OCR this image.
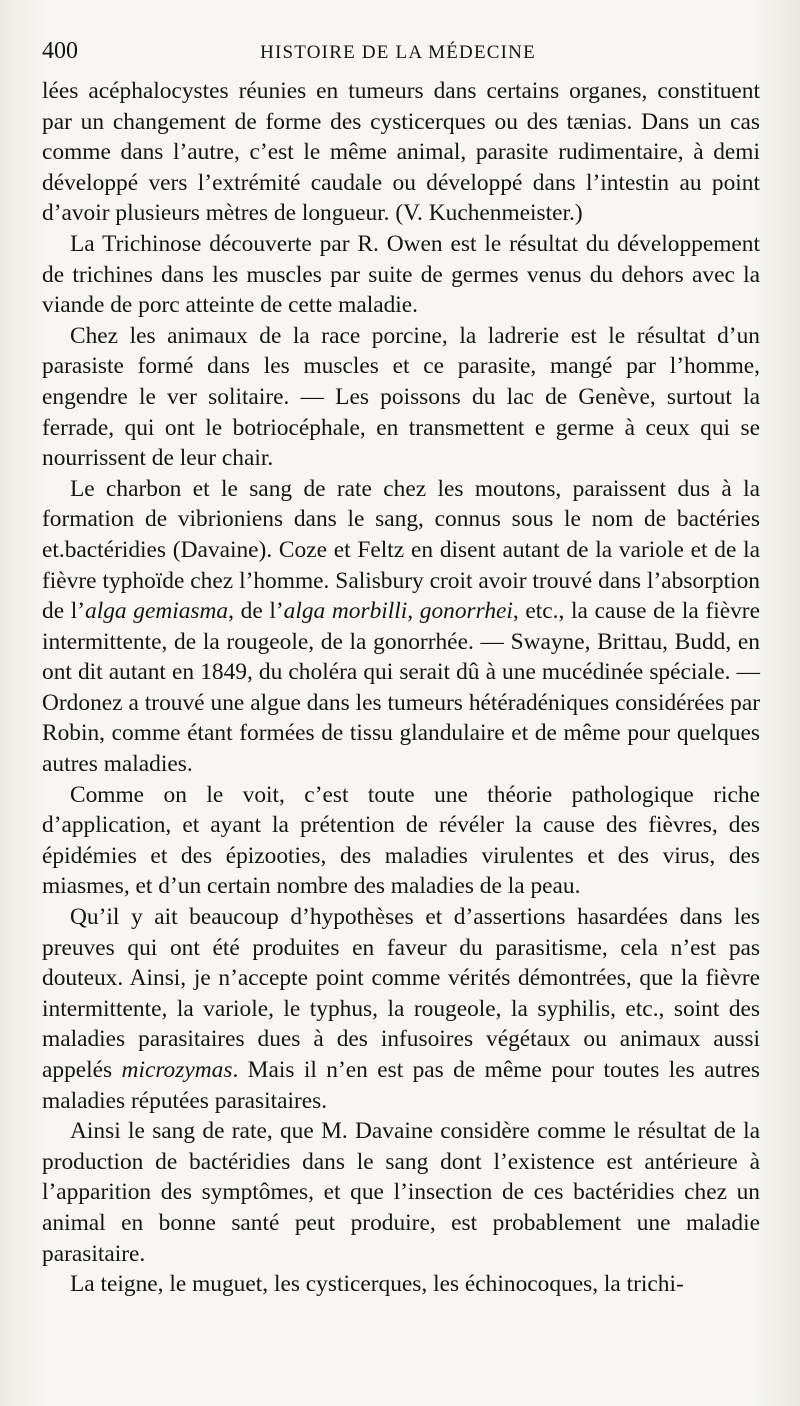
400	HISTOIRE DE LA MÉDECINE

lées acéphalocystes réunies en tumeurs dans certains organes, constituent par un changement de forme des cysticerques ou des tænias. Dans un cas comme dans l’autre, c’est le même animal, parasite rudimentaire, à demi développé vers l’extrémité caudale ou développé dans l’intestin au point d’avoir plusieurs mètres de longueur. (V. Kuchenmeister.)

La Trichinose découverte par R. Owen est le résultat du développement de trichines dans les muscles par suite de germes venus du dehors avec la viande de porc atteinte de cette maladie.

Chez les animaux de la race porcine, la ladrerie est le résultat d’un parasiste formé dans les muscles et ce parasite, mangé par l’homme, engendre le ver solitaire. — Les poissons du lac de Genève, surtout la ferrade, qui ont le botriocéphale, en transmettent e germe à ceux qui se nourrissent de leur chair.

Le charbon et le sang de rate chez les moutons, paraissent dus à la formation de vibrioniens dans le sang, connus sous le nom de bactéries et.bactéridies (Davaine). Coze et Feltz en disent autant de la variole et de la fièvre typhoïde chez l’homme. Salisbury croit avoir trouvé dans l’absorption de l’alga gemiasma, de l’alga morbilli, gonorrhei, etc., la cause de la fièvre intermittente, de la rougeole, de la gonorrhée. — Swayne, Brittau, Budd, en ont dit autant en 1849, du choléra qui serait dû à une mucédinée spéciale. — Ordonez a trouvé une algue dans les tumeurs hétéradéniques considérées par Robin, comme étant formées de tissu glandulaire et de même pour quelques autres maladies.

Comme on le voit, c’est toute une théorie pathologique riche d’application, et ayant la prétention de révéler la cause des fièvres, des épidémies et des épizooties, des maladies virulentes et des virus, des miasmes, et d’un certain nombre des maladies de la peau.

Qu’il y ait beaucoup d’hypothèses et d’assertions hasardées dans les preuves qui ont été produites en faveur du parasitisme, cela n’est pas douteux. Ainsi, je n’accepte point comme vérités démontrées, que la fièvre intermittente, la variole, le typhus, la rougeole, la syphilis, etc., soint des maladies parasitaires dues à des infusoires végétaux ou animaux aussi appelés microzymas. Mais il n’en est pas de même pour toutes les autres maladies réputées parasitaires.

Ainsi le sang de rate, que M. Davaine considère comme le résultat de la production de bactéridies dans le sang dont l’existence est antérieure à l’apparition des symptômes, et que l’insection de ces bactéridies chez un animal en bonne santé peut produire, est probablement une maladie parasitaire.

La teigne, le muguet, les cysticerques, les échinocoques, la trichi-
